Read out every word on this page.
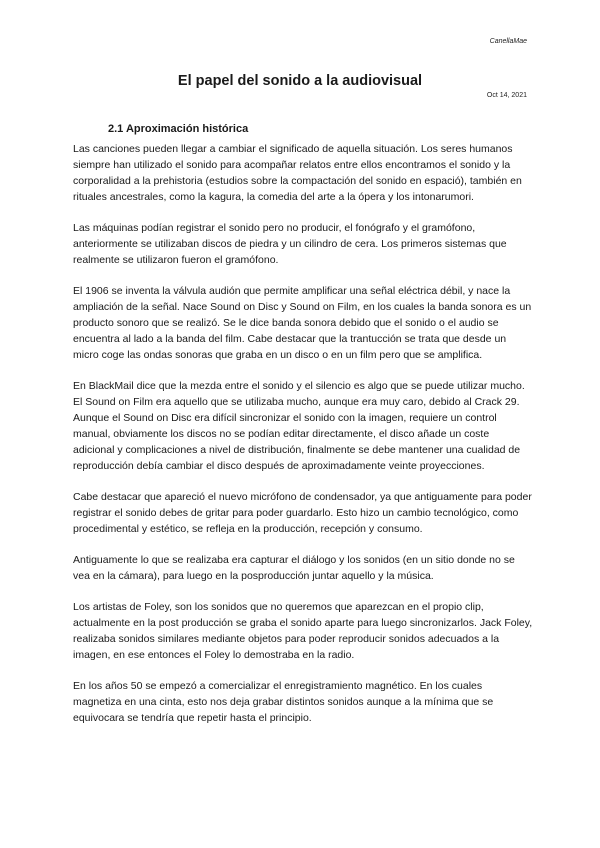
CanellaMae
El papel del sonido a la audiovisual
Oct 14, 2021
2.1 Aproximación histórica

Las canciones pueden llegar a cambiar el significado de aquella situación. Los seres humanos siempre han utilizado el sonido para acompañar relatos entre ellos encontramos el sonido y la corporalidad a la prehistoria (estudios sobre la compactación del sonido en espació), también en rituales ancestrales, como la kagura, la comedia del arte a la ópera y los intonarumori.

Las máquinas podían registrar el sonido pero no producir, el fonógrafo y el gramófono, anteriormente se utilizaban discos de piedra y un cilindro de cera. Los primeros sistemas que realmente se utilizaron fueron el gramófono.

El 1906 se inventa la válvula audión que permite amplificar una señal eléctrica débil, y nace la ampliación de la señal. Nace Sound on Disc y Sound on Film, en los cuales la banda sonora es un producto sonoro que se realizó. Se le dice banda sonora debido que el sonido o el audio se encuentra al lado a la banda del film. Cabe destacar que la trantucción se trata que desde un micro coge las ondas sonoras que graba en un disco o en un film pero que se amplifica.

En BlackMail dice que la mezda entre el sonido y el silencio es algo que se puede utilizar mucho. El Sound on Film era aquello que se utilizaba mucho, aunque era muy caro, debido al Crack 29. Aunque el Sound on Disc era difícil sincronizar el sonido con la imagen, requiere un control manual, obviamente los discos no se podían editar directamente, el disco añade un coste adicional y complicaciones a nivel de distribución, finalmente se debe mantener una cualidad de reproducción debía cambiar el disco después de aproximadamente veinte proyecciones.

Cabe destacar que apareció el nuevo micrófono de condensador, ya que antiguamente para poder registrar el sonido debes de gritar para poder guardarlo. Esto hizo un cambio tecnológico, como procedimental y estético, se refleja en la producción, recepción y consumo.

Antiguamente lo que se realizaba era capturar el diálogo y los sonidos (en un sitio donde no se vea en la cámara), para luego en la posproducción juntar aquello y la música.

Los artistas de Foley, son los sonidos que no queremos que aparezcan en el propio clip, actualmente en la post producción se graba el sonido aparte para luego sincronizarlos. Jack Foley, realizaba sonidos similares mediante objetos para poder reproducir sonidos adecuados a la imagen, en ese entonces el Foley lo demostraba en la radio.

En los años 50 se empezó a comercializar el enregistramiento magnético. En los cuales magnetiza en una cinta, esto nos deja grabar distintos sonidos aunque a la mínima que se equivocara se tendría que repetir hasta el principio.
